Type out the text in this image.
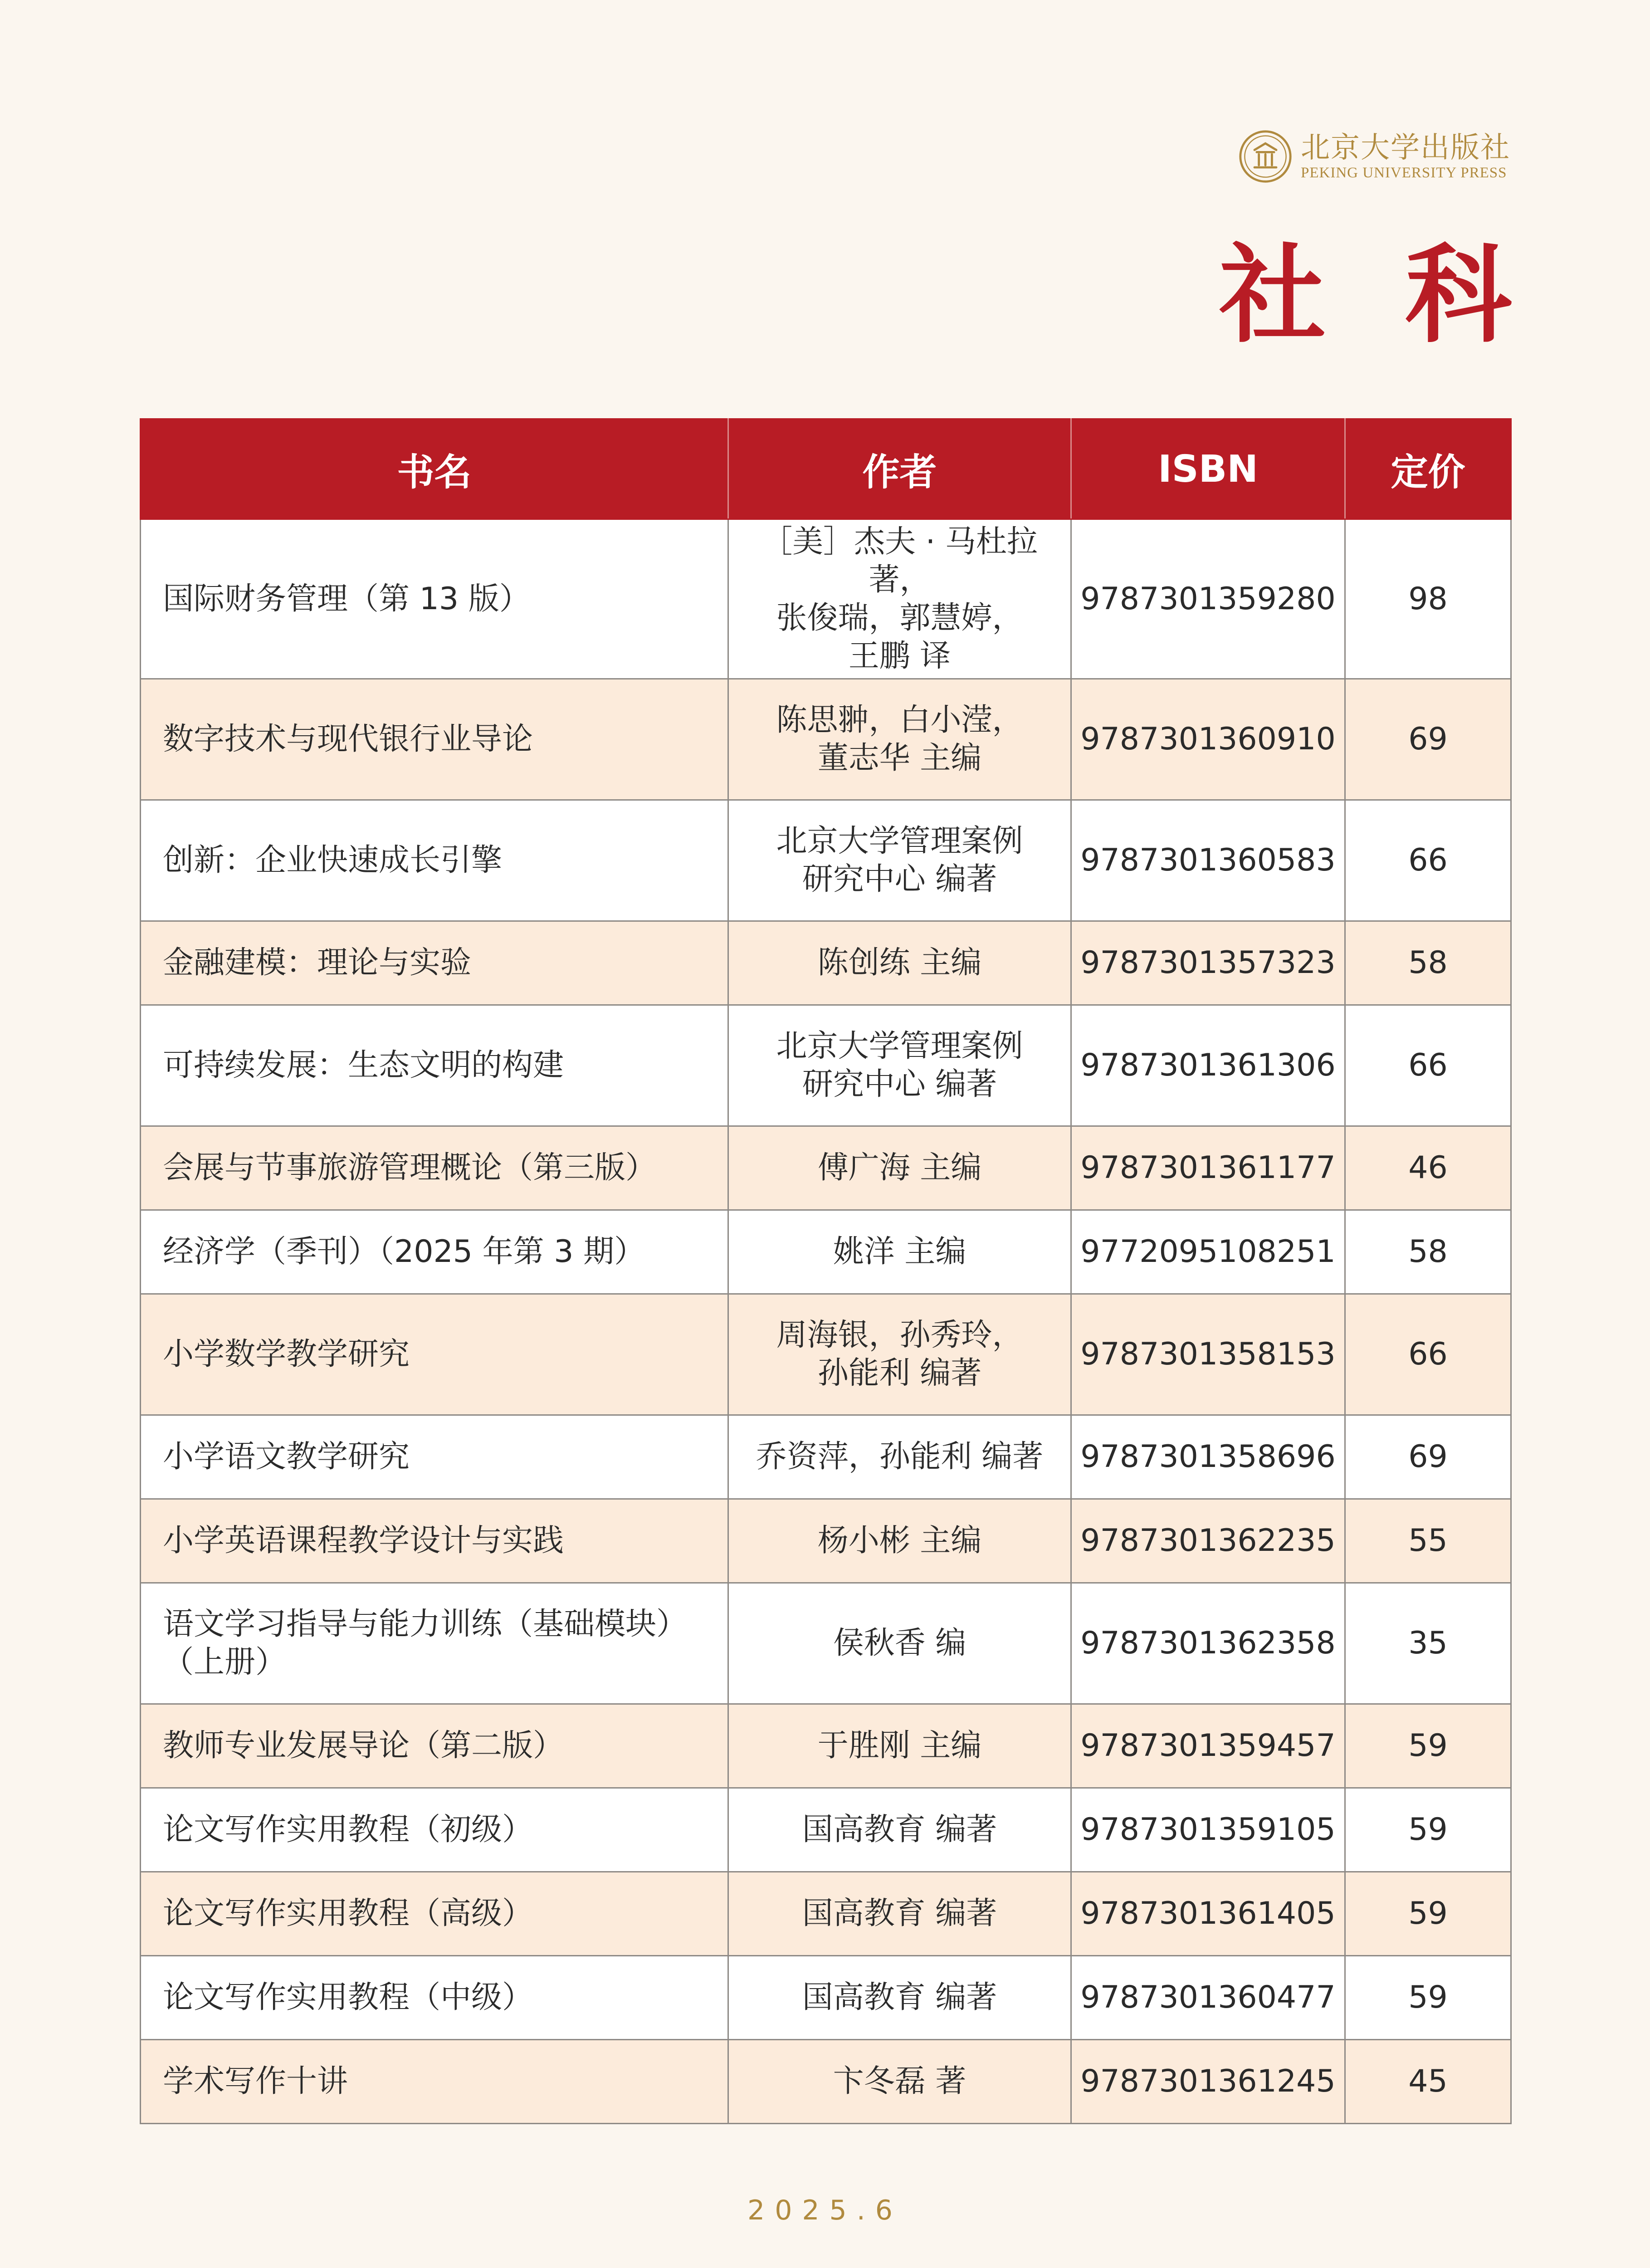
北京大学出版社
PEKING UNIVERSITY PRESS
社科
书名	作者	ISBN	定价
国际财务管理（第 13 版）	［美］杰夫 · 马杜拉 著，
张俊瑞，郭慧婷，
王鹏 译	9787301359280	98
数字技术与现代银行业导论	陈思翀，白小滢，
董志华 主编	9787301360910	69
创新：企业快速成长引擎	北京大学管理案例
研究中心 编著	9787301360583	66
金融建模：理论与实验	陈创练 主编	9787301357323	58
可持续发展：生态文明的构建	北京大学管理案例
研究中心 编著	9787301361306	66
会展与节事旅游管理概论（第三版）	傅广海 主编	9787301361177	46
经济学（季刊）（2025 年第 3 期）	姚洋 主编	9772095108251	58
小学数学教学研究	周海银，孙秀玲，
孙能利 编著	9787301358153	66
小学语文教学研究	乔资萍，孙能利 编著	9787301358696	69
小学英语课程教学设计与实践	杨小彬 主编	9787301362235	55
语文学习指导与能力训练（基础模块）
（上册）	侯秋香 编	9787301362358	35
教师专业发展导论（第二版）	于胜刚 主编	9787301359457	59
论文写作实用教程（初级）	国高教育 编著	9787301359105	59
论文写作实用教程（高级）	国高教育 编著	9787301361405	59
论文写作实用教程（中级）	国高教育 编著	9787301360477	59
学术写作十讲	卞冬磊 著	9787301361245	45
2025.6
